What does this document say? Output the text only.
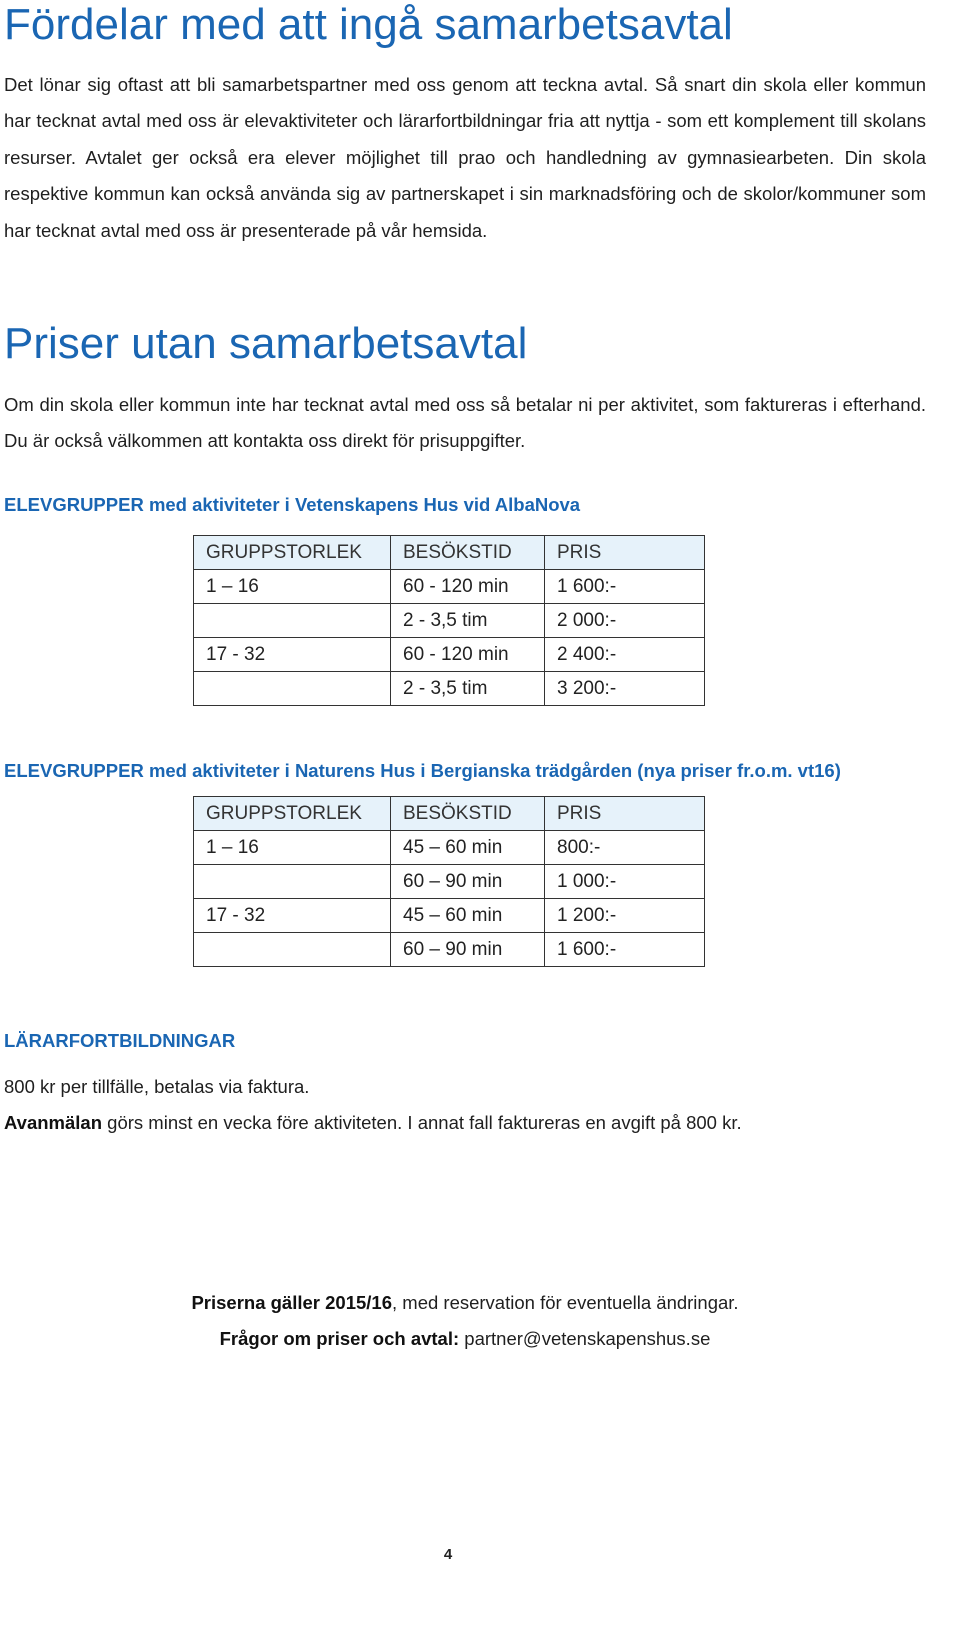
Fördelar med att ingå samarbetsavtal

Det lönar sig oftast att bli samarbetspartner med oss genom att teckna avtal. Så snart din skola eller kommun har tecknat avtal med oss är elevaktiviteter och lärarfortbildningar fria att nyttja - som ett komplement till skolans resurser. Avtalet ger också era elever möjlighet till prao och handledning av gymnasiearbeten. Din skola respektive kommun kan också använda sig av partnerskapet i sin marknadsföring och de skolor/kommuner som har tecknat avtal med oss är presenterade på vår hemsida.

Priser utan samarbetsavtal

Om din skola eller kommun inte har tecknat avtal med oss så betalar ni per aktivitet, som faktureras i efterhand. Du är också välkommen att kontakta oss direkt för prisuppgifter.

ELEVGRUPPER med aktiviteter i Vetenskapens Hus vid AlbaNova

GRUPPSTORLEK	BESÖKSTID	PRIS
1 – 16	60 - 120 min	1 600:-
	2 - 3,5 tim	2 000:-
17 - 32	60 - 120 min	2 400:-
	2 - 3,5 tim	3 200:-

ELEVGRUPPER med aktiviteter i Naturens Hus i Bergianska trädgården (nya priser fr.o.m. vt16)

GRUPPSTORLEK	BESÖKSTID	PRIS
1 – 16	45 – 60 min	800:-
	60 – 90 min	1 000:-
17 - 32	45 – 60 min	1 200:-
	60 – 90 min	1 600:-

LÄRARFORTBILDNINGAR

800 kr per tillfälle, betalas via faktura.

Avanmälan görs minst en vecka före aktiviteten. I annat fall faktureras en avgift på 800 kr.

Priserna gäller 2015/16, med reservation för eventuella ändringar.

Frågor om priser och avtal: partner@vetenskapenshus.se

4
